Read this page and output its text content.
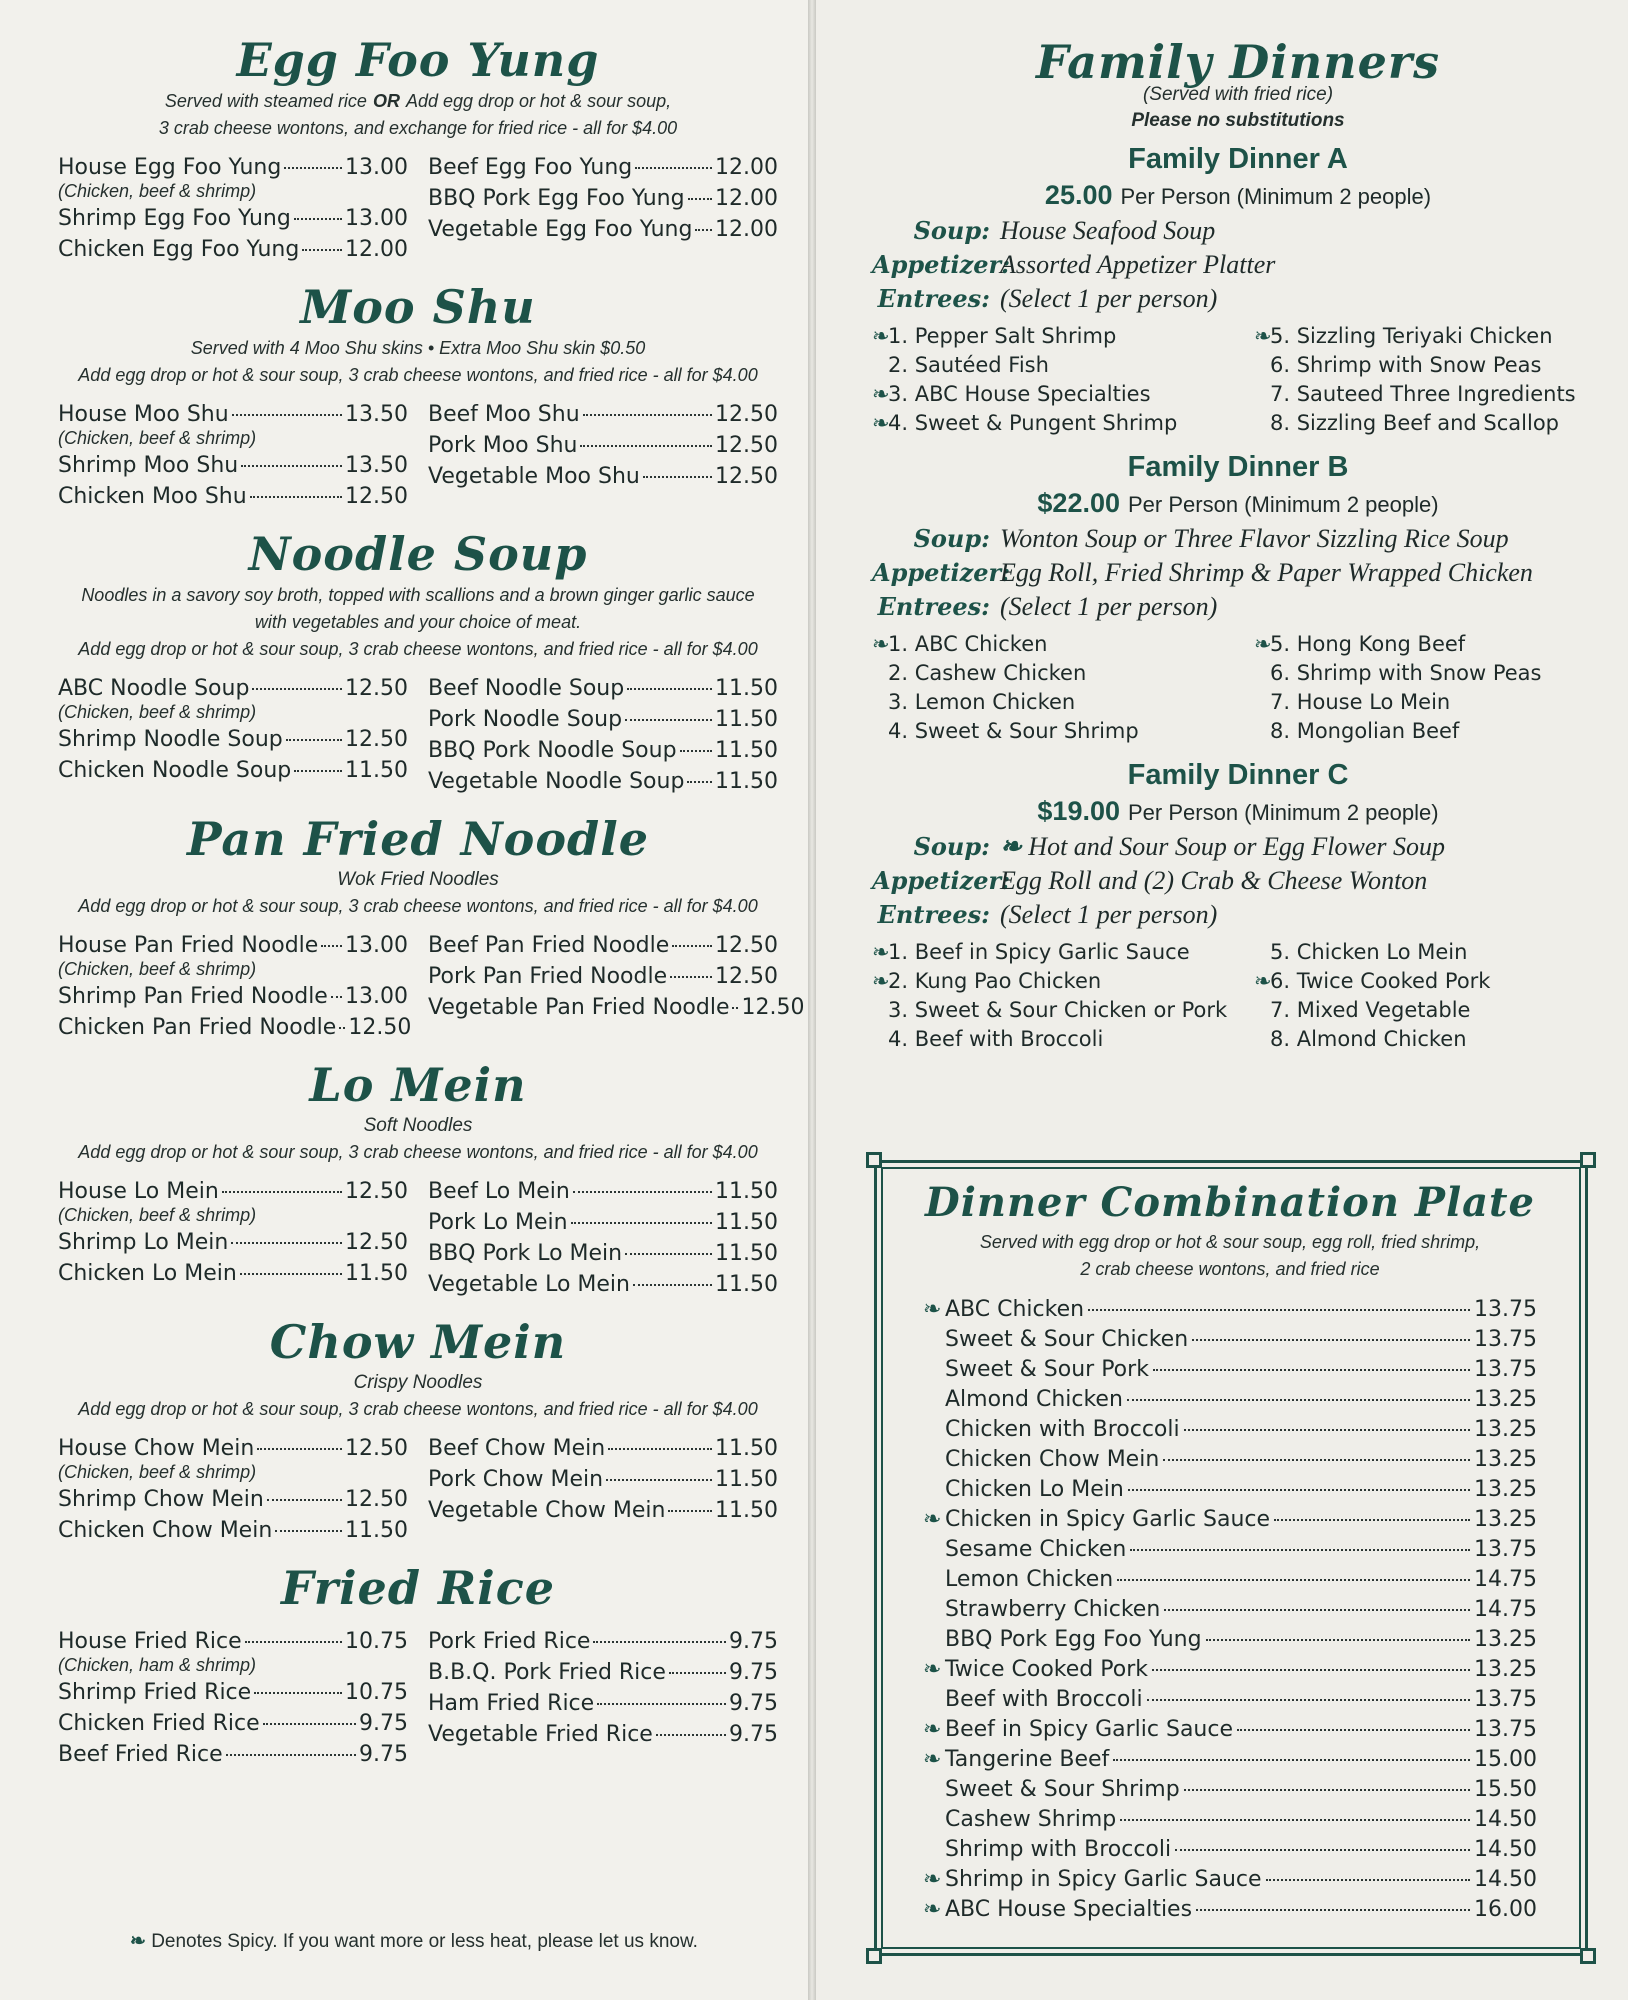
Egg Foo Yung
Served with steamed rice OR Add egg drop or hot & sour soup,
3 crab cheese wontons, and exchange for fried rice - all for $4.00
House Egg Foo Yung	13.00
(Chicken, beef & shrimp)
Shrimp Egg Foo Yung 13.00
Chicken Egg Foo Yung 12.00
Beef Egg Foo Yung	12.00
BBQ Pork Egg Foo Yung 12.00
Vegetable Egg Foo Yung 12.00
Moo Shu
Served with 4 Moo Shu skins • Extra Moo Shu skin $0.50
Add egg drop or hot & sour soup, 3 crab cheese wontons, and fried rice - all for $4.00
House Moo Shu	13.50
(Chicken, beef & shrimp)
Shrimp Moo Shu	13.50
Chicken Moo Shu	12.50
Beef Moo Shu	12.50
Pork Moo Shu	12.50
Vegetable Moo Shu	12.50
Noodle Soup
Noodles in a savory soy broth, topped with scallions and a brown ginger garlic sauce
with vegetables and your choice of meat.
Add egg drop or hot & sour soup, 3 crab cheese wontons, and fried rice - all for $4.00
ABC Noodle Soup	12.50
(Chicken, beef & shrimp)
Shrimp Noodle Soup	12.50
Chicken Noodle Soup 11.50
Beef Noodle Soup	11.50
Pork Noodle Soup	11.50
BBQ Pork Noodle Soup 11.50
Vegetable Noodle Soup 11.50
Pan Fried Noodle
Wok Fried Noodles
Add egg drop or hot & sour soup, 3 crab cheese wontons, and fried rice - all for $4.00
House Pan Fried Noodle 13.00
(Chicken, beef & shrimp)
Shrimp Pan Fried Noodle 13.00
Chicken Pan Fried Noodle 12.50
Beef Pan Fried Noodle 12.50
Pork Pan Fried Noodle 12.50
Vegetable Pan Fried Noodle 12.50
Lo Mein
Soft Noodles
Add egg drop or hot & sour soup, 3 crab cheese wontons, and fried rice - all for $4.00
House Lo Mein	12.50
(Chicken, beef & shrimp)
Shrimp Lo Mein	12.50
Chicken Lo Mein	11.50
Beef Lo Mein	11.50
Pork Lo Mein	11.50
BBQ Pork Lo Mein	11.50
Vegetable Lo Mein	11.50
Chow Mein
Crispy Noodles
Add egg drop or hot & sour soup, 3 crab cheese wontons, and fried rice - all for $4.00
House Chow Mein	12.50
(Chicken, beef & shrimp)
Shrimp Chow Mein	12.50
Chicken Chow Mein	11.50
Beef Chow Mein	11.50
Pork Chow Mein	11.50
Vegetable Chow Mein 11.50
Fried Rice
House Fried Rice	10.75
(Chicken, ham & shrimp)
Shrimp Fried Rice	10.75
Chicken Fried Rice	9.75
Beef Fried Rice	9.75
Pork Fried Rice	9.75
B.B.Q. Pork Fried Rice	9.75
Ham Fried Rice	9.75
Vegetable Fried Rice	9.75
❧ Denotes Spicy. If you want more or less heat, please let us know.
Family Dinners
(Served with fried rice)
Please no substitutions
Family Dinner A
25.00 Per Person (Minimum 2 people)
Soup: House Seafood Soup
Appetizer:
Assorted Appetizer Platter
Entrees: (Select 1 per person)
❧1. Pepper Salt Shrimp
2. Sautéed Fish
❧3. ABC House Specialties
❧4. Sweet & Pungent Shrimp
❧5. Sizzling Teriyaki Chicken
6. Shrimp with Snow Peas
7. Sauteed Three Ingredients
8. Sizzling Beef and Scallop
Family Dinner B
$22.00 Per Person (Minimum 2 people)
Soup: Wonton Soup or Three Flavor Sizzling Rice Soup
Appetizer:
Egg Roll, Fried Shrimp & Paper Wrapped Chicken
Entrees: (Select 1 per person)
❧1. ABC Chicken
2. Cashew Chicken
3. Lemon Chicken
4. Sweet & Sour Shrimp
❧5. Hong Kong Beef
6. Shrimp with Snow Peas
7. House Lo Mein
8. Mongolian Beef
Family Dinner C
$19.00 Per Person (Minimum 2 people)
Soup: ❧ Hot and Sour Soup or Egg Flower Soup
Appetizer:
Egg Roll and (2) Crab & Cheese Wonton
Entrees: (Select 1 per person)
❧1. Beef in Spicy Garlic Sauce
❧2. Kung Pao Chicken
3. Sweet & Sour Chicken or Pork
4. Beef with Broccoli
5. Chicken Lo Mein
❧6. Twice Cooked Pork
7. Mixed Vegetable
8. Almond Chicken
Dinner Combination Plate
Served with egg drop or hot & sour soup, egg roll, fried shrimp,
2 crab cheese wontons, and fried rice
❧ ABC Chicken	13.75
Sweet & Sour Chicken	13.75
Sweet & Sour Pork	13.75
Almond Chicken	13.25
Chicken with Broccoli	13.25
Chicken Chow Mein	13.25
Chicken Lo Mein	13.25
❧ Chicken in Spicy Garlic Sauce	13.25
Sesame Chicken	13.75
Lemon Chicken	14.75
Strawberry Chicken	14.75
BBQ Pork Egg Foo Yung	13.25
❧ Twice Cooked Pork	13.25
Beef with Broccoli	13.75
❧ Beef in Spicy Garlic Sauce	13.75
❧ Tangerine Beef	15.00
Sweet & Sour Shrimp	15.50
Cashew Shrimp	14.50
Shrimp with Broccoli	14.50
❧ Shrimp in Spicy Garlic Sauce	14.50
❧ ABC House Specialties	16.00
